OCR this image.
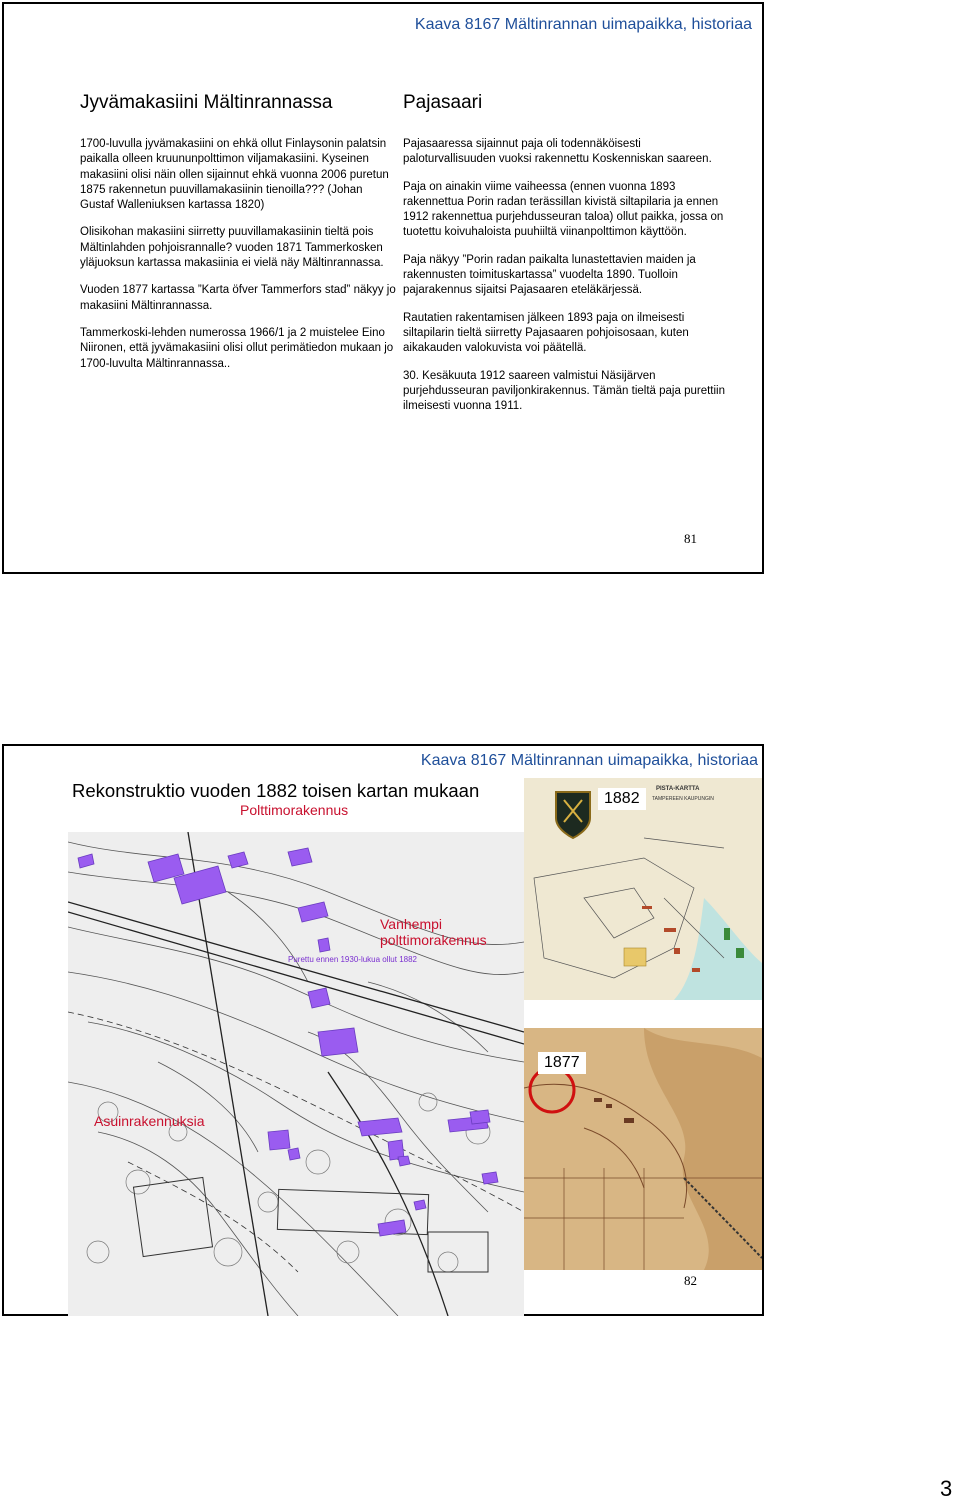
Kaava 8167 Mältinrannan uimapaikka, historiaa
Jyvämakasiini Mältinrannassa	Pajasaari

1700-luvulla jyvämakasiini on ehkä ollut Finlaysonin palatsin paikalla olleen kruununpolttimon viljamakasiini. Kyseinen makasiini olisi näin ollen sijainnut ehkä vuonna 2006 puretun 1875 rakennetun puuvillamakasiinin tienoilla??? (Johan Gustaf Walleniuksen kartassa 1820)

Olisikohan makasiini siirretty puuvillamakasiinin tieltä pois Mältinlahden pohjoisrannalle? vuoden 1871 Tammerkosken yläjuoksun kartassa makasiinia ei vielä näy Mältinrannassa.

Vuoden 1877 kartassa ”Karta öfver Tammerfors stad” näkyy jo makasiini Mältinrannassa.

Tammerkoski-lehden numerossa 1966/1 ja 2 muistelee Eino Niironen, että jyvämakasiini olisi ollut perimätiedon mukaan jo 1700-luvulta Mältinrannassa..

Pajasaaressa sijainnut paja oli todennäköisesti paloturvallisuuden vuoksi rakennettu Koskenniskan saareen.

Paja on ainakin viime vaiheessa (ennen vuonna 1893 rakennettua Porin radan terässillan kivistä siltapilaria ja ennen 1912 rakennettua purjehdusseuran taloa) ollut paikka, jossa on tuotettu koivuhaloista puuhiiltä viinanpolttimon käyttöön.

Paja näkyy ”Porin radan paikalta lunastettavien maiden ja rakennusten toimituskartassa” vuodelta 1890. Tuolloin pajarakennus sijaitsi Pajasaaren eteläkärjessä.

Rautatien rakentamisen jälkeen 1893 paja on ilmeisesti siltapilarin tieltä siirretty Pajasaaren pohjoisosaan, kuten aikakauden valokuvista voi päätellä.

30. Kesäkuuta 1912 saareen valmistui Näsijärven purjehdusseuran paviljonkirakennus. Tämän tieltä paja purettiin ilmeisesti vuonna 1911.

81
Kaava 8167 Mältinrannan uimapaikka, historiaa
Rekonstruktio vuoden 1882 toisen kartan mukaan
Purettu ennen 1930-lukua ollut 1882
Polttimorakennus
Vanhempi polttimorakennus
Asuinrakennuksia
PISTA-KARTTA
TAMPEREEN KAUPUNGIN
1882
1877
82
3
